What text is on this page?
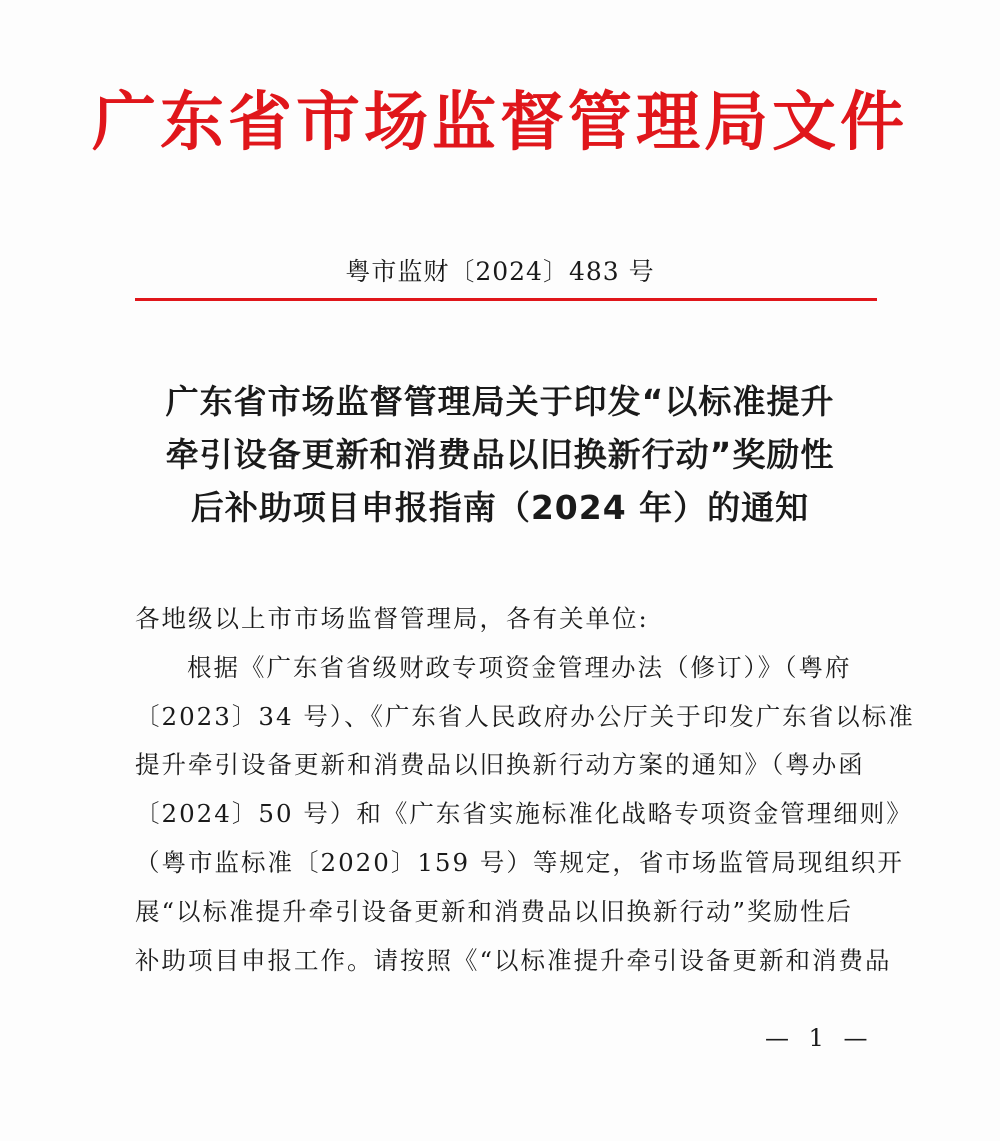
广东省市场监督管理局文件
粤市监财〔2024〕483 号
广东省市场监督管理局关于印发“以标准提升
牵引设备更新和消费品以旧换新行动”奖励性
后补助项目申报指南（2024 年）的通知
各地级以上市市场监督管理局，各有关单位:
根据《广东省省级财政专项资金管理办法（修订）》（粤府
〔2023〕34 号）、《广东省人民政府办公厅关于印发广东省以标准
提升牵引设备更新和消费品以旧换新行动方案的通知》（粤办函
〔2024〕50 号）和《广东省实施标准化战略专项资金管理细则》
（粤市监标准〔2020〕159 号）等规定，省市场监管局现组织开
展“以标准提升牵引设备更新和消费品以旧换新行动”奖励性后
补助项目申报工作。请按照《“以标准提升牵引设备更新和消费品
— 1 —
